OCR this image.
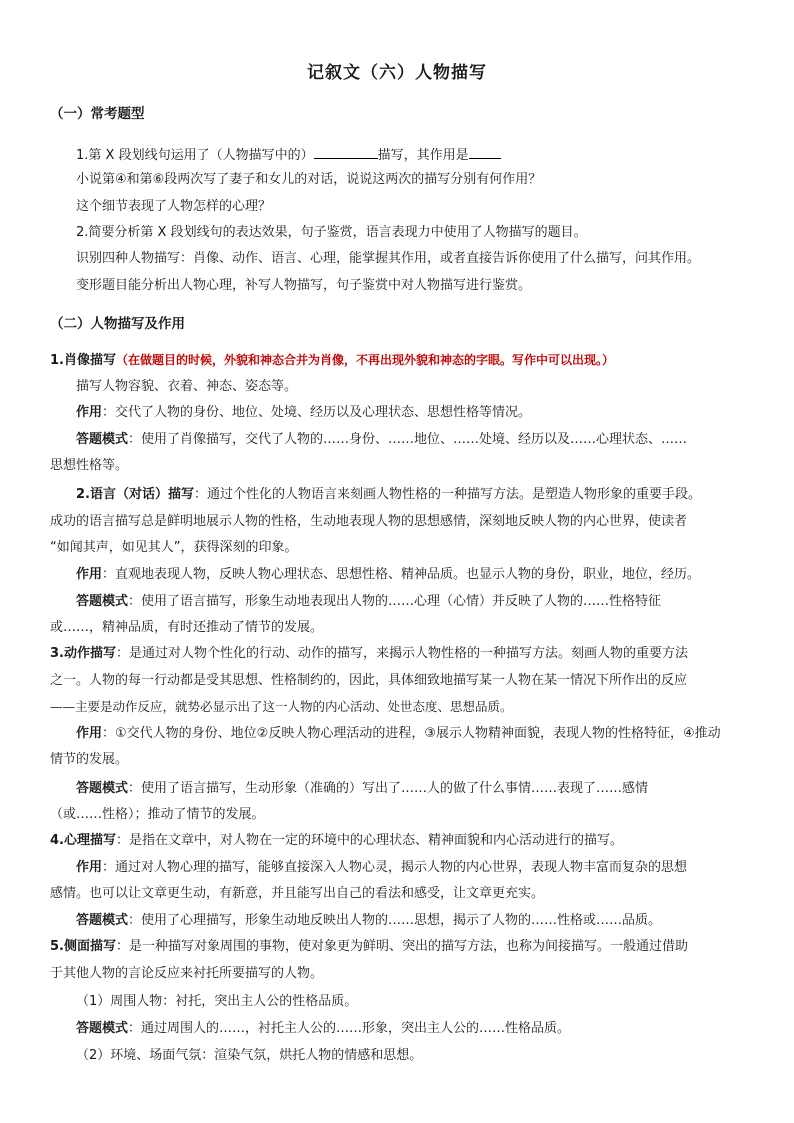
记叙文（六）人物描写
（一）常考题型
1.第 X 段划线句运用了（人物描写中的）	描写，其作用是
小说第④和第⑥段两次写了妻子和女儿的对话，说说这两次的描写分别有何作用？
这个细节表现了人物怎样的心理？
2.简要分析第 X 段划线句的表达效果，句子鉴赏，语言表现力中使用了人物描写的题目。
识别四种人物描写：肖像、动作、语言、心理，能掌握其作用，或者直接告诉你使用了什么描写，问其作用。
变形题目能分析出人物心理，补写人物描写，句子鉴赏中对人物描写进行鉴赏。
（二）人物描写及作用
1.肖像描写（在做题目的时候，外貌和神态合并为肖像，不再出现外貌和神态的字眼。写作中可以出现。）
描写人物容貌、衣着、神态、姿态等。
作用：交代了人物的身份、地位、处境、经历以及心理状态、思想性格等情况。
答题模式：使用了肖像描写，交代了人物的……身份、……地位、……处境、经历以及……心理状态、……
思想性格等。
2.语言（对话）描写：通过个性化的人物语言来刻画人物性格的一种描写方法。是塑造人物形象的重要手段。
成功的语言描写总是鲜明地展示人物的性格，生动地表现人物的思想感情，深刻地反映人物的内心世界，使读者
“如闻其声，如见其人”，获得深刻的印象。
作用：直观地表现人物，反映人物心理状态、思想性格、精神品质。也显示人物的身份，职业，地位，经历。
答题模式：使用了语言描写，形象生动地表现出人物的……心理（心情）并反映了人物的……性格特征
或……，精神品质，有时还推动了情节的发展。
3.动作描写：是通过对人物个性化的行动、动作的描写，来揭示人物性格的一种描写方法。刻画人物的重要方法
之一。人物的每一行动都是受其思想、性格制约的，因此，具体细致地描写某一人物在某一情况下所作出的反应
——主要是动作反应，就势必显示出了这一人物的内心活动、处世态度、思想品质。
作用：①交代人物的身份、地位②反映人物心理活动的进程，③展示人物精神面貌，表现人物的性格特征，④推动
情节的发展。
答题模式：使用了语言描写，生动形象（准确的）写出了……人的做了什么事情……表现了……感情
（或……性格）；推动了情节的发展。
4.心理描写：是指在文章中，对人物在一定的环境中的心理状态、精神面貌和内心活动进行的描写。
作用：通过对人物心理的描写，能够直接深入人物心灵，揭示人物的内心世界，表现人物丰富而复杂的思想
感情。也可以让文章更生动，有新意，并且能写出自己的看法和感受，让文章更充实。
答题模式：使用了心理描写，形象生动地反映出人物的……思想，揭示了人物的……性格或……品质。
5.侧面描写：是一种描写对象周围的事物，使对象更为鲜明、突出的描写方法，也称为间接描写。一般通过借助
于其他人物的言论反应来衬托所要描写的人物。
（1）周围人物：衬托，突出主人公的性格品质。
答题模式：通过周围人的……，衬托主人公的……形象，突出主人公的……性格品质。
（2）环境、场面气氛：渲染气氛，烘托人物的情感和思想。
